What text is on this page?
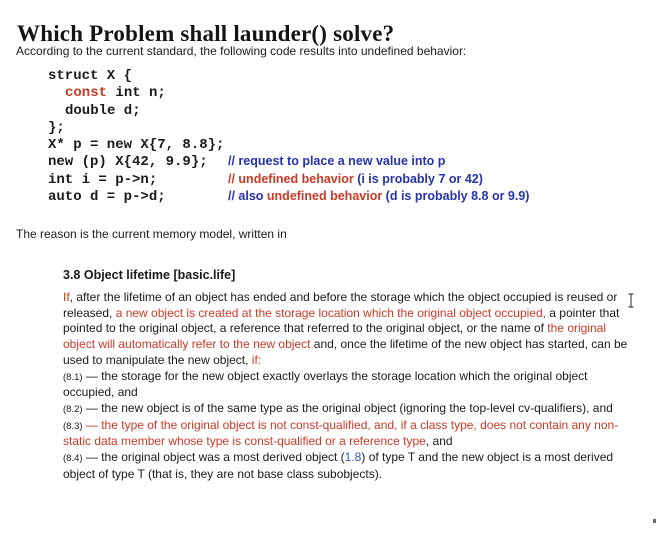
Which Problem shall launder() solve?
According to the current standard, the following code results into undefined behavior:
struct X {
const int n;
double d;
};
X* p = new X{7, 8.8};
new (p) X{42, 9.9}; // request to place a new value into p
int i = p->n;	// undefined behavior (i is probably 7 or 42)
auto d = p->d;	// also undefined behavior (d is probably 8.8 or 9.9)
The reason is the current memory model, written in
3.8 Object lifetime [basic.life]
If, after the lifetime of an object has ended and before the storage which the object occupied is reused or released, a new object is created at the storage location which the original object occupied, a pointer that pointed to the original object, a reference that referred to the original object, or the name of the original object will automatically refer to the new object and, once the lifetime of the new object has started, can be used to manipulate the new object, if:
(8.1) — the storage for the new object exactly overlays the storage location which the original object occupied, and
(8.2) — the new object is of the same type as the original object (ignoring the top-level cv-qualifiers), and
(8.3) — the type of the original object is not const-qualified, and, if a class type, does not contain any non-static data member whose type is const-qualified or a reference type, and
(8.4) — the original object was a most derived object (1.8) of type T and the new object is a most derived object of type T (that is, they are not base class subobjects).
